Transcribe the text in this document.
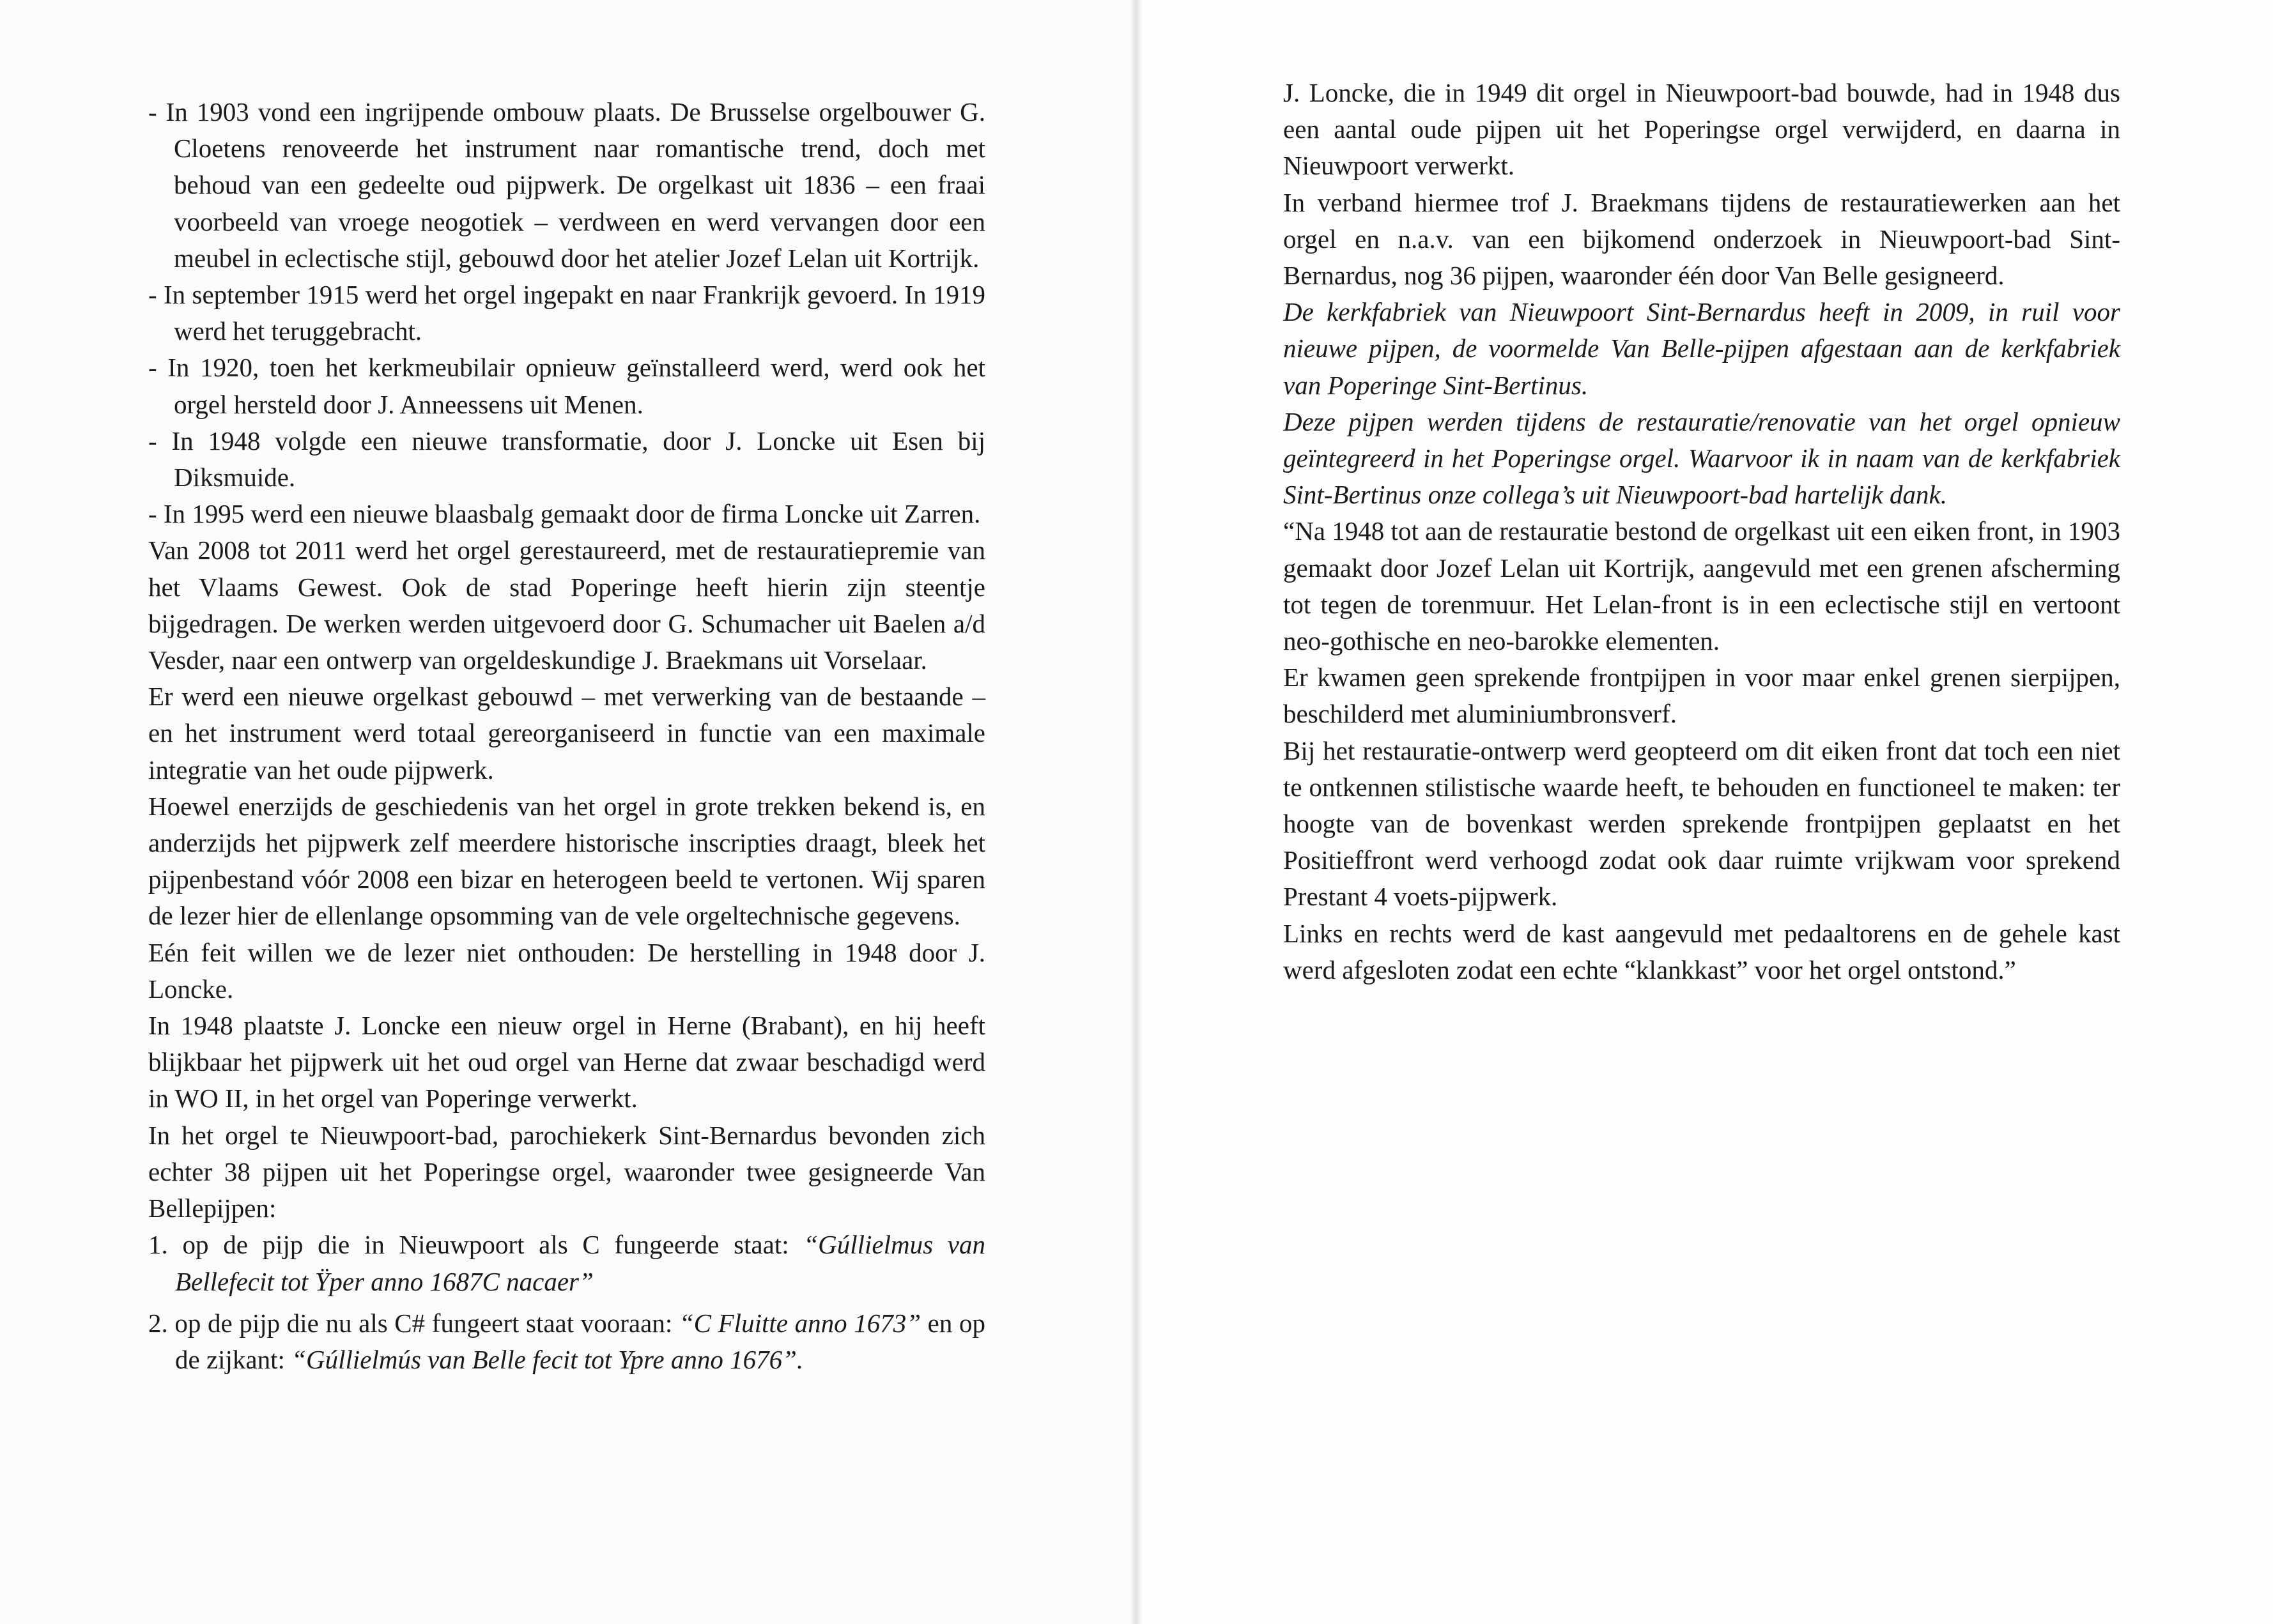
- In 1903 vond een ingrijpende ombouw plaats. De Brusselse orgelbouwer G. Cloetens renoveerde het instrument naar romantische trend, doch met behoud van een gedeelte oud pijpwerk. De orgelkast uit 1836 – een fraai voorbeeld van vroege neogotiek – verdween en werd vervangen door een meubel in eclectische stijl, gebouwd door het atelier Jozef Lelan uit Kortrijk.

- In september 1915 werd het orgel ingepakt en naar Frankrijk gevoerd. In 1919 werd het teruggebracht.

- In 1920, toen het kerkmeubilair opnieuw geïnstalleerd werd, werd ook het orgel hersteld door J. Anneessens uit Menen.

- In 1948 volgde een nieuwe transformatie, door J. Loncke uit Esen bij Diksmuide.

- In 1995 werd een nieuwe blaasbalg gemaakt door de firma Loncke uit Zarren.

Van 2008 tot 2011 werd het orgel gerestaureerd, met de restauratiepremie van het Vlaams Gewest. Ook de stad Poperinge heeft hierin zijn steentje bijgedragen. De werken werden uitgevoerd door G. Schumacher uit Baelen a/d Vesder, naar een ontwerp van orgeldeskundige J. Braekmans uit Vorselaar.

Er werd een nieuwe orgelkast gebouwd – met verwerking van de bestaande – en het instrument werd totaal gereorganiseerd in functie van een maximale integratie van het oude pijpwerk.

Hoewel enerzijds de geschiedenis van het orgel in grote trekken bekend is, en anderzijds het pijpwerk zelf meerdere historische inscripties draagt, bleek het pijpenbestand vóór 2008 een bizar en heterogeen beeld te vertonen. Wij sparen de lezer hier de ellenlange opsomming van de vele orgeltechnische gegevens.

Eén feit willen we de lezer niet onthouden: De herstelling in 1948 door J. Loncke.

In 1948 plaatste J. Loncke een nieuw orgel in Herne (Brabant), en hij heeft blijkbaar het pijpwerk uit het oud orgel van Herne dat zwaar beschadigd werd in WO II, in het orgel van Poperinge verwerkt.

In het orgel te Nieuwpoort-bad, parochiekerk Sint-Bernardus bevonden zich echter 38 pijpen uit het Poperingse orgel, waaronder twee gesigneerde Van Bellepijpen:

1. op de pijp die in Nieuwpoort als C fungeerde staat: “Gúllielmus van Bellefecit tot Ÿper anno 1687C nacaer”

2. op de pijp die nu als C# fungeert staat vooraan: “C Fluitte anno 1673” en op de zijkant: “Gúllielmús van Belle fecit tot Ypre anno 1676”.

J. Loncke, die in 1949 dit orgel in Nieuwpoort-bad bouwde, had in 1948 dus een aantal oude pijpen uit het Poperingse orgel verwijderd, en daarna in Nieuwpoort verwerkt.

In verband hiermee trof J. Braekmans tijdens de restauratiewerken aan het orgel en n.a.v. van een bijkomend onderzoek in Nieuwpoort-bad Sint-Bernardus, nog 36 pijpen, waaronder één door Van Belle gesigneerd.

De kerkfabriek van Nieuwpoort Sint-Bernardus heeft in 2009, in ruil voor nieuwe pijpen, de voormelde Van Belle-pijpen afgestaan aan de kerkfabriek van Poperinge Sint-Bertinus.

Deze pijpen werden tijdens de restauratie/renovatie van het orgel opnieuw geïntegreerd in het Poperingse orgel. Waarvoor ik in naam van de kerkfabriek Sint-Bertinus onze collega’s uit Nieuwpoort-bad hartelijk dank.

“Na 1948 tot aan de restauratie bestond de orgelkast uit een eiken front, in 1903 gemaakt door Jozef Lelan uit Kortrijk, aangevuld met een grenen afscherming tot tegen de torenmuur. Het Lelan-front is in een eclectische stijl en vertoont neo-gothische en neo-barokke elementen.

Er kwamen geen sprekende frontpijpen in voor maar enkel grenen sierpijpen, beschilderd met aluminiumbronsverf.

Bij het restauratie-ontwerp werd geopteerd om dit eiken front dat toch een niet te ontkennen stilistische waarde heeft, te behouden en functioneel te maken: ter hoogte van de bovenkast werden sprekende frontpijpen geplaatst en het Positieffront werd verhoogd zodat ook daar ruimte vrijkwam voor sprekend Prestant 4 voets-pijpwerk.

Links en rechts werd de kast aangevuld met pedaaltorens en de gehele kast werd afgesloten zodat een echte “klankkast” voor het orgel ontstond.”
